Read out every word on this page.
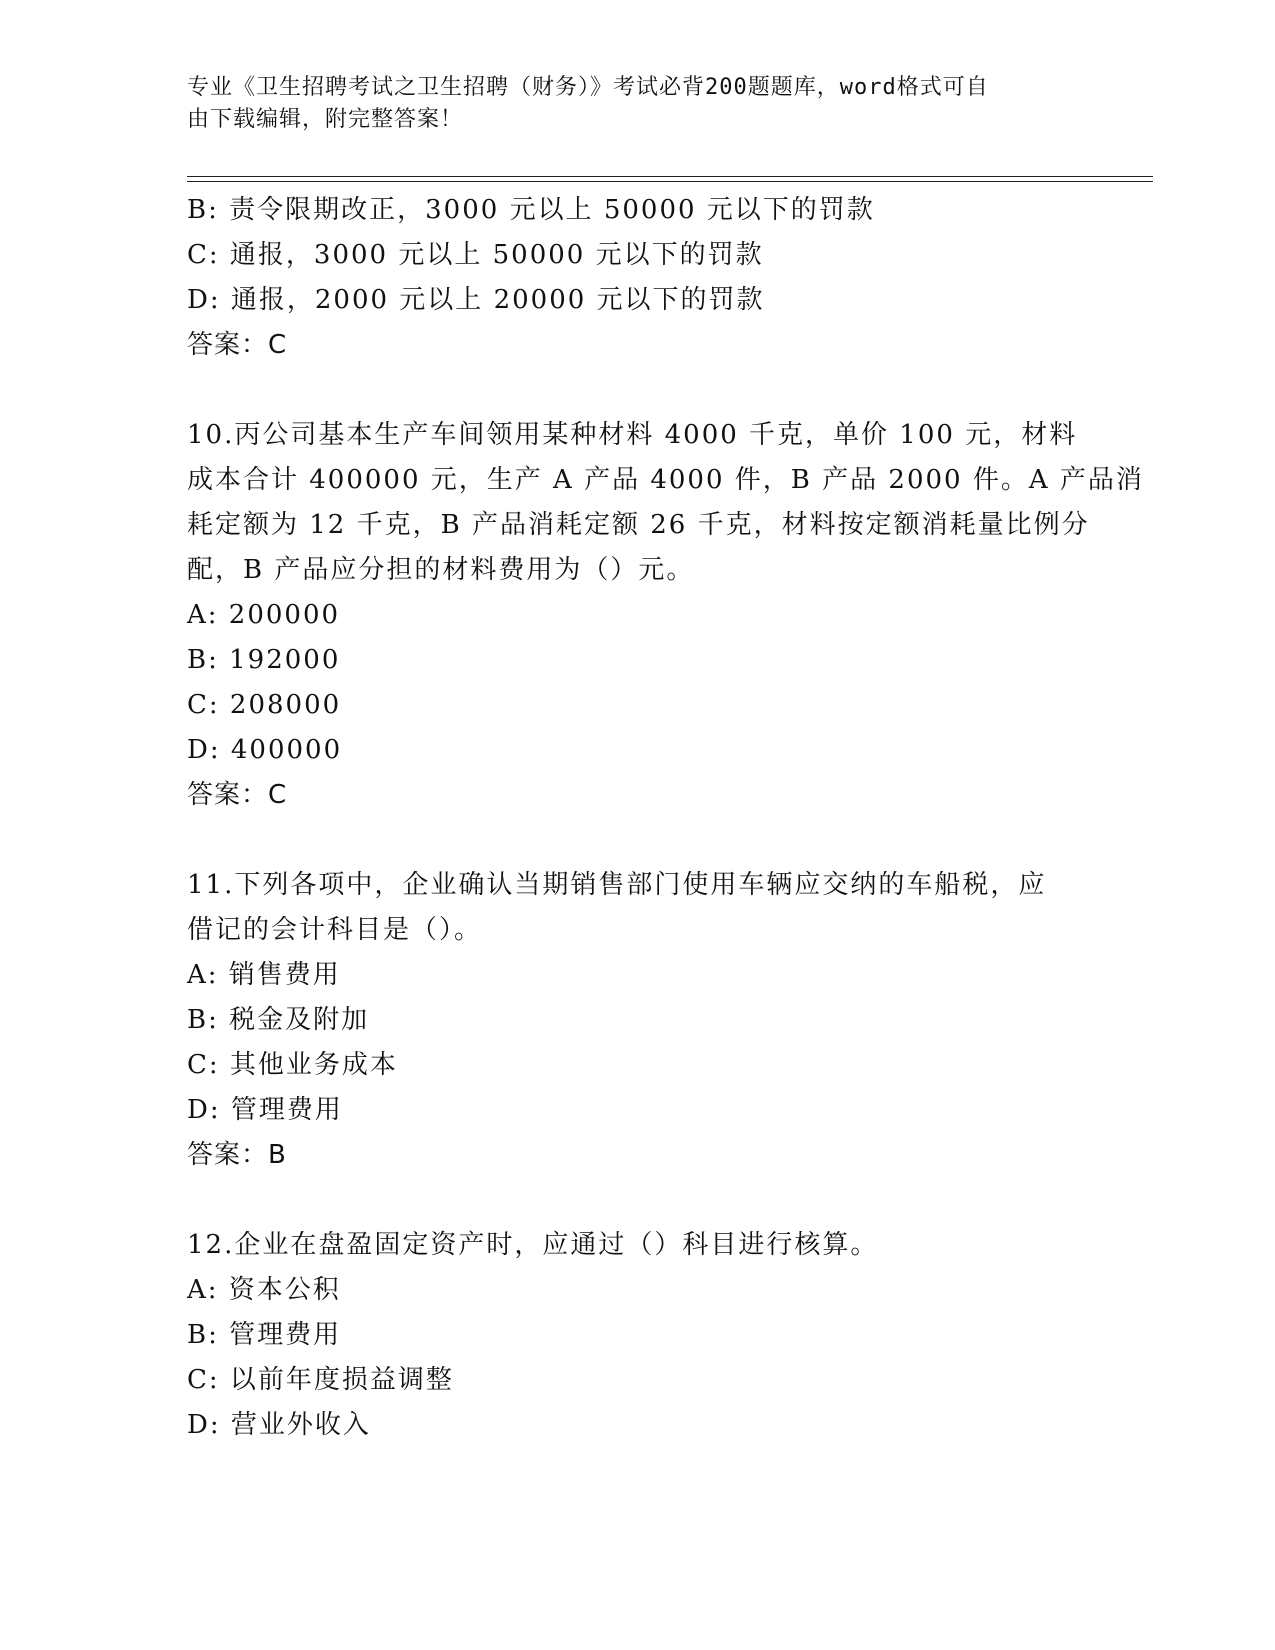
专业《卫生招聘考试之卫生招聘（财务）》考试必背200题题库，word格式可自
由下载编辑，附完整答案！
B: 责令限期改正，3000 元以上 50000 元以下的罚款
C: 通报，3000 元以上 50000 元以下的罚款
D: 通报，2000 元以上 20000 元以下的罚款
答案：C
10.丙公司基本生产车间领用某种材料 4000 千克，单价 100 元，材料
成本合计 400000 元，生产 A 产品 4000 件，B 产品 2000 件。A 产品消
耗定额为 12 千克，B 产品消耗定额 26 千克，材料按定额消耗量比例分
配，B 产品应分担的材料费用为（）元。
A: 200000
B: 192000
C: 208000
D: 400000
答案：C
11.下列各项中，企业确认当期销售部门使用车辆应交纳的车船税，应
借记的会计科目是（）。
A: 销售费用
B: 税金及附加
C: 其他业务成本
D: 管理费用
答案：B
12.企业在盘盈固定资产时，应通过（）科目进行核算。
A: 资本公积
B: 管理费用
C: 以前年度损益调整
D: 营业外收入
